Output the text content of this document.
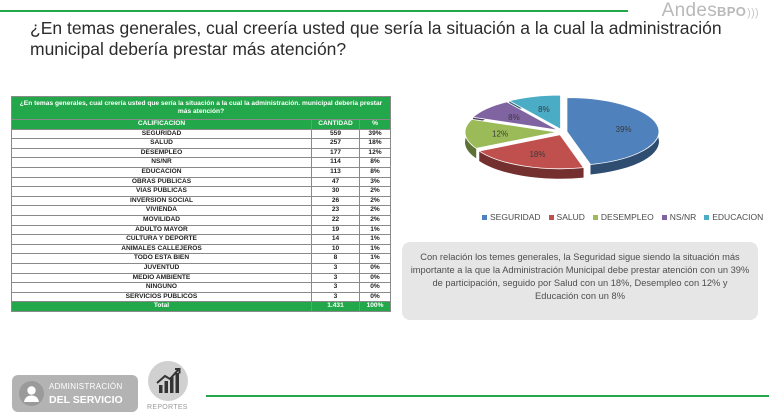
AndesBPO)))
¿En temas generales, cual creería usted que sería la situación a la cual la administración municipal debería prestar más atención?
¿En temas generales, cual creería usted que sería la situación a la cual la administración. municipal debería prestar más atención?		
CALIFICACIÓN	CANTIDAD	%
SEGURIDAD	559	39%
SALUD	257	18%
DESEMPLEO	177	12%
NS/NR	114	8%
EDUCACION	113	8%
OBRAS PUBLICAS	47	3%
VIAS PUBLICAS	30	2%
INVERSION SOCIAL	26	2%
VIVIENDA	23	2%
MOVILIDAD	22	2%
ADULTO MAYOR	19	1%
CULTURA Y DEPORTE	14	1%
ANIMALES CALLEJEROS	10	1%
TODO ESTA BIEN	8	1%
JUVENTUD	3	0%
MEDIO AMBIENTE	3	0%
NINGUNO	3	0%
SERVICIOS PUBLICOS	3	0%
Total	1.431	100%
39%
18%
12%
8%
8%
SEGURIDAD SALUD DESEMPLEO NS/NR EDUCACION
Con relación los temes generales, la Seguridad sigue siendo la situación más importante a la que la Administración Municipal debe prestar atención con un 39% de participación, seguido por Salud con un 18%, Desempleo con 12% y Educación con un 8%
ADMINISTRACIÓN
DEL SERVICIO
REPORTES
